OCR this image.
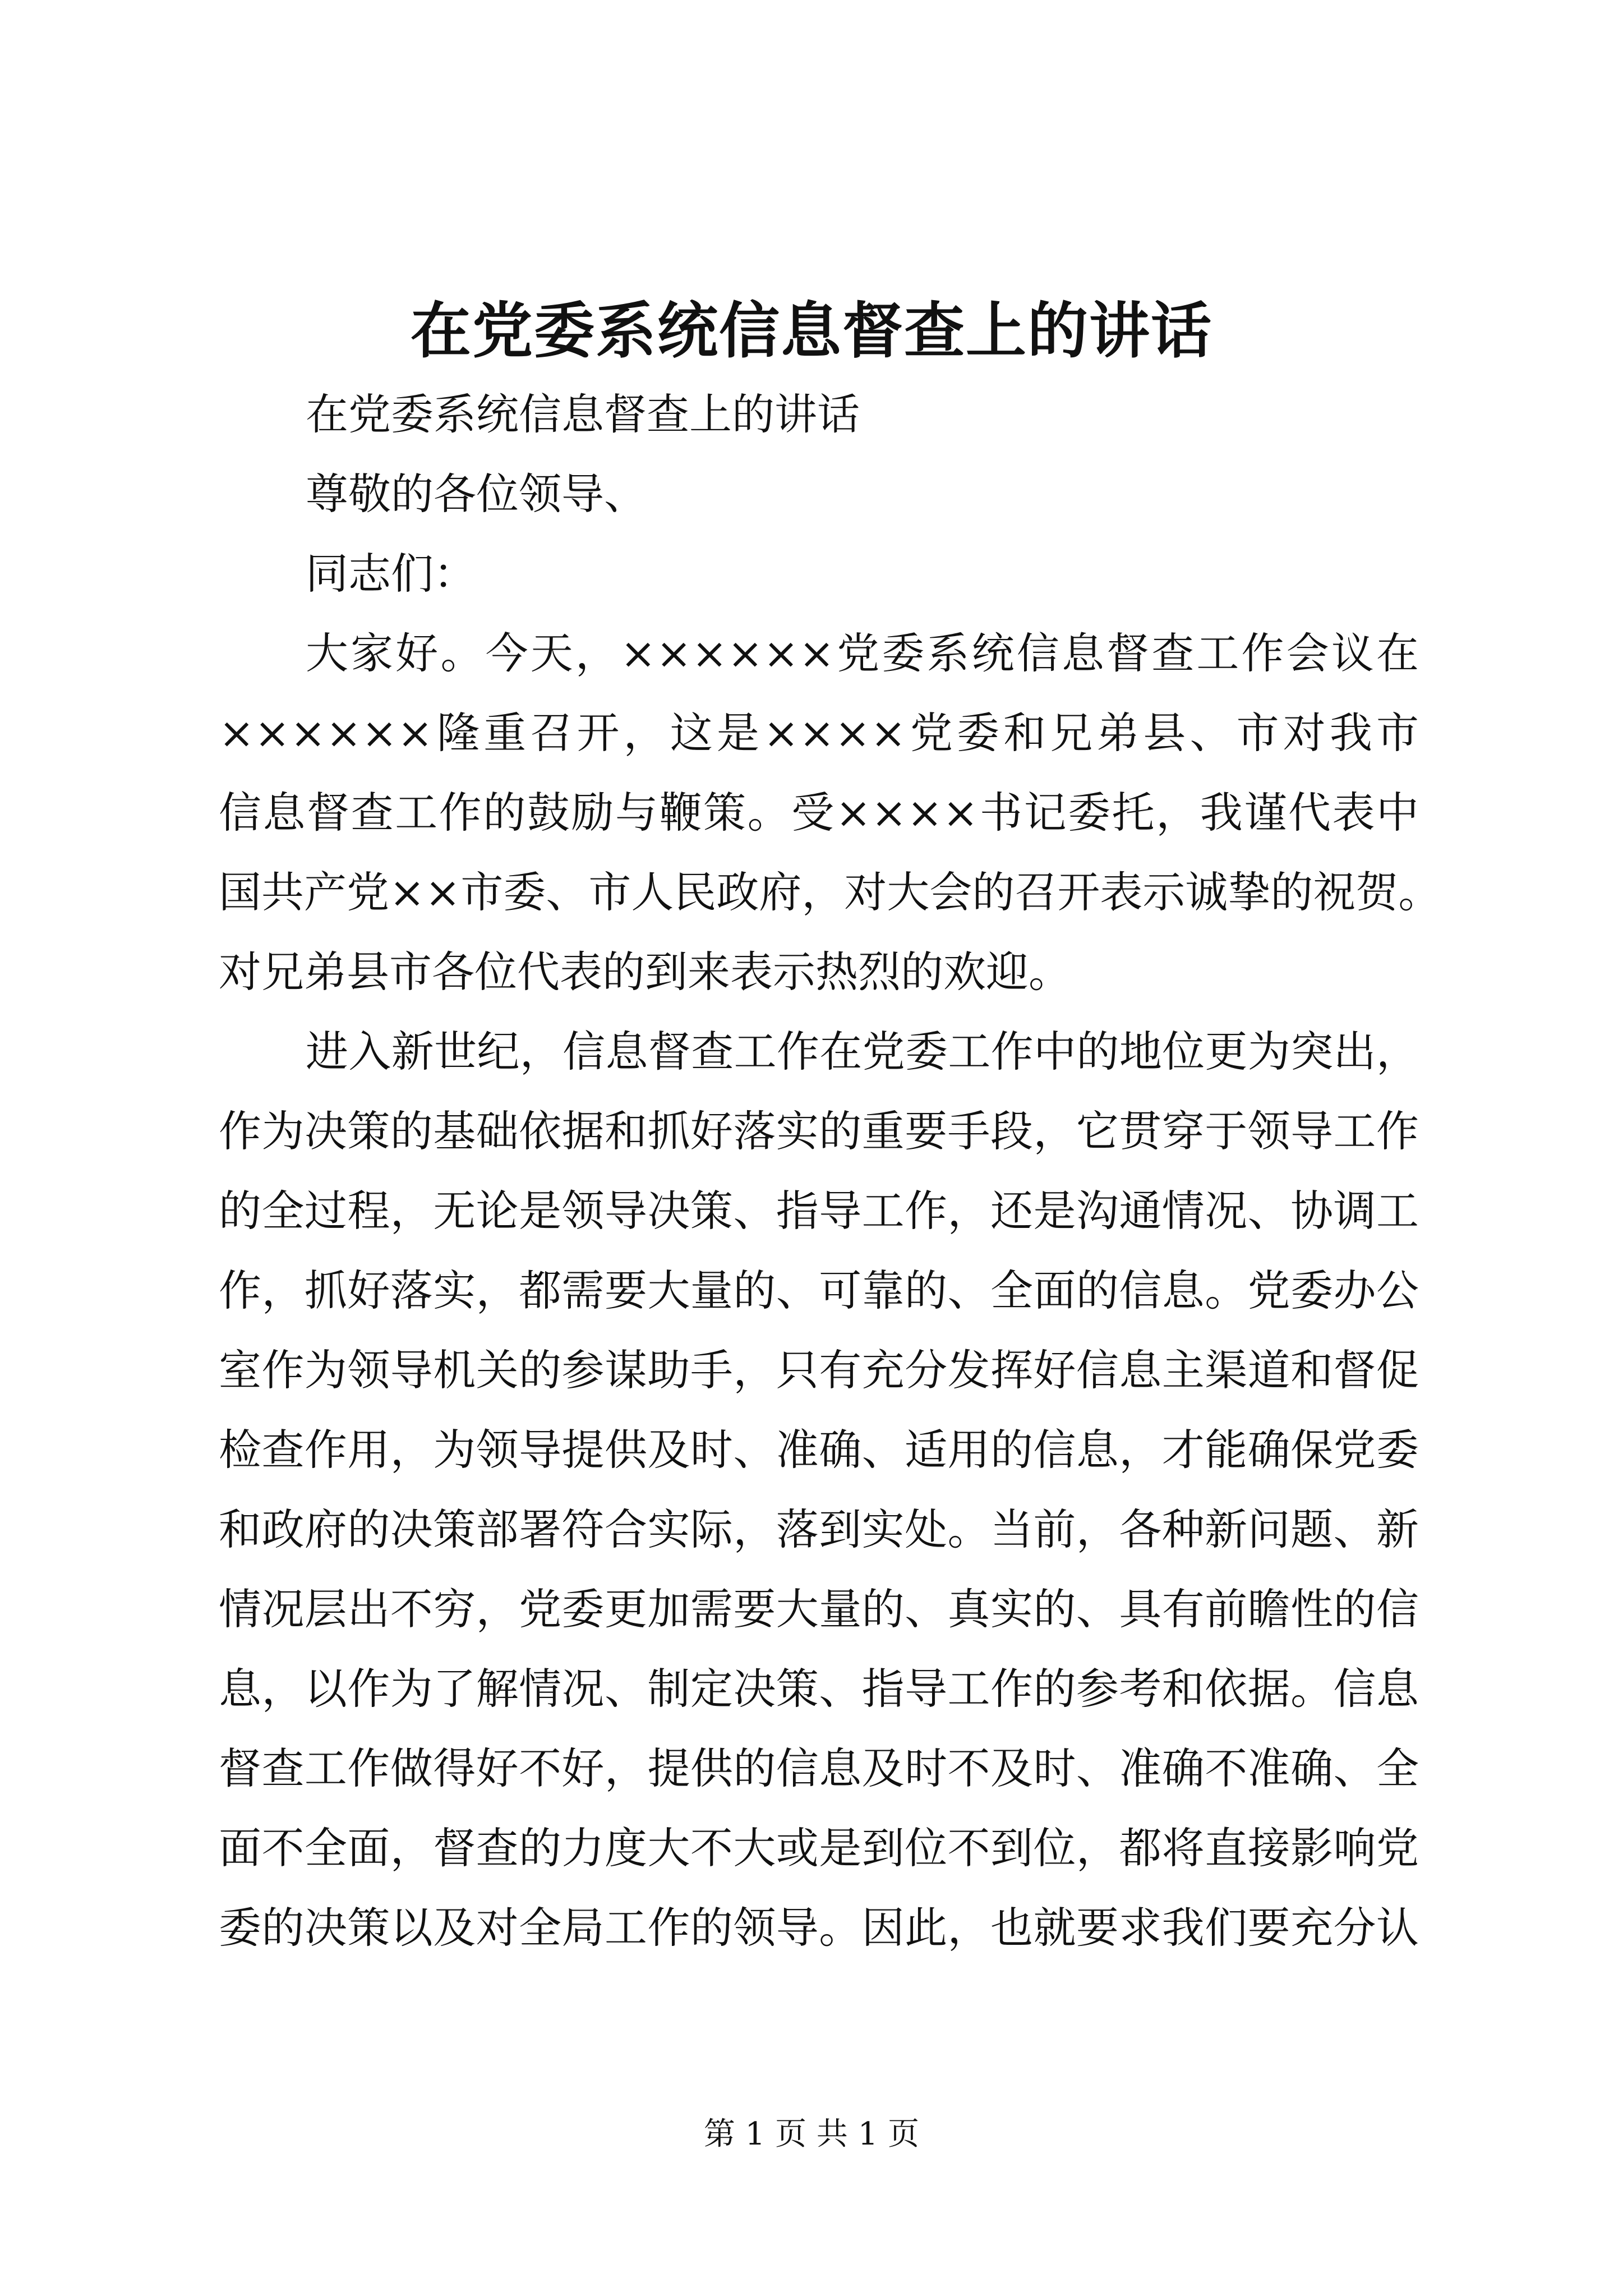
在党委系统信息督查上的讲话

在党委系统信息督查上的讲话

尊敬的各位领导、

同志们：

大家好。今天，××××××党委系统信息督查工作会议在

××××××隆重召开，这是××××党委和兄弟县、市对我市

信息督查工作的鼓励与鞭策。受××××书记委托，我谨代表中

国共产党××市委、市人民政府，对大会的召开表示诚挚的祝贺。

对兄弟县市各位代表的到来表示热烈的欢迎。

进入新世纪，信息督查工作在党委工作中的地位更为突出，

作为决策的基础依据和抓好落实的重要手段，它贯穿于领导工作

的全过程，无论是领导决策、指导工作，还是沟通情况、协调工

作，抓好落实，都需要大量的、可靠的、全面的信息。党委办公

室作为领导机关的参谋助手，只有充分发挥好信息主渠道和督促

检查作用，为领导提供及时、准确、适用的信息，才能确保党委

和政府的决策部署符合实际，落到实处。当前，各种新问题、新

情况层出不穷，党委更加需要大量的、真实的、具有前瞻性的信

息，以作为了解情况、制定决策、指导工作的参考和依据。信息

督查工作做得好不好，提供的信息及时不及时、准确不准确、全

面不全面，督查的力度大不大或是到位不到位，都将直接影响党

委的决策以及对全局工作的领导。因此，也就要求我们要充分认

第 1 页 共 1 页
